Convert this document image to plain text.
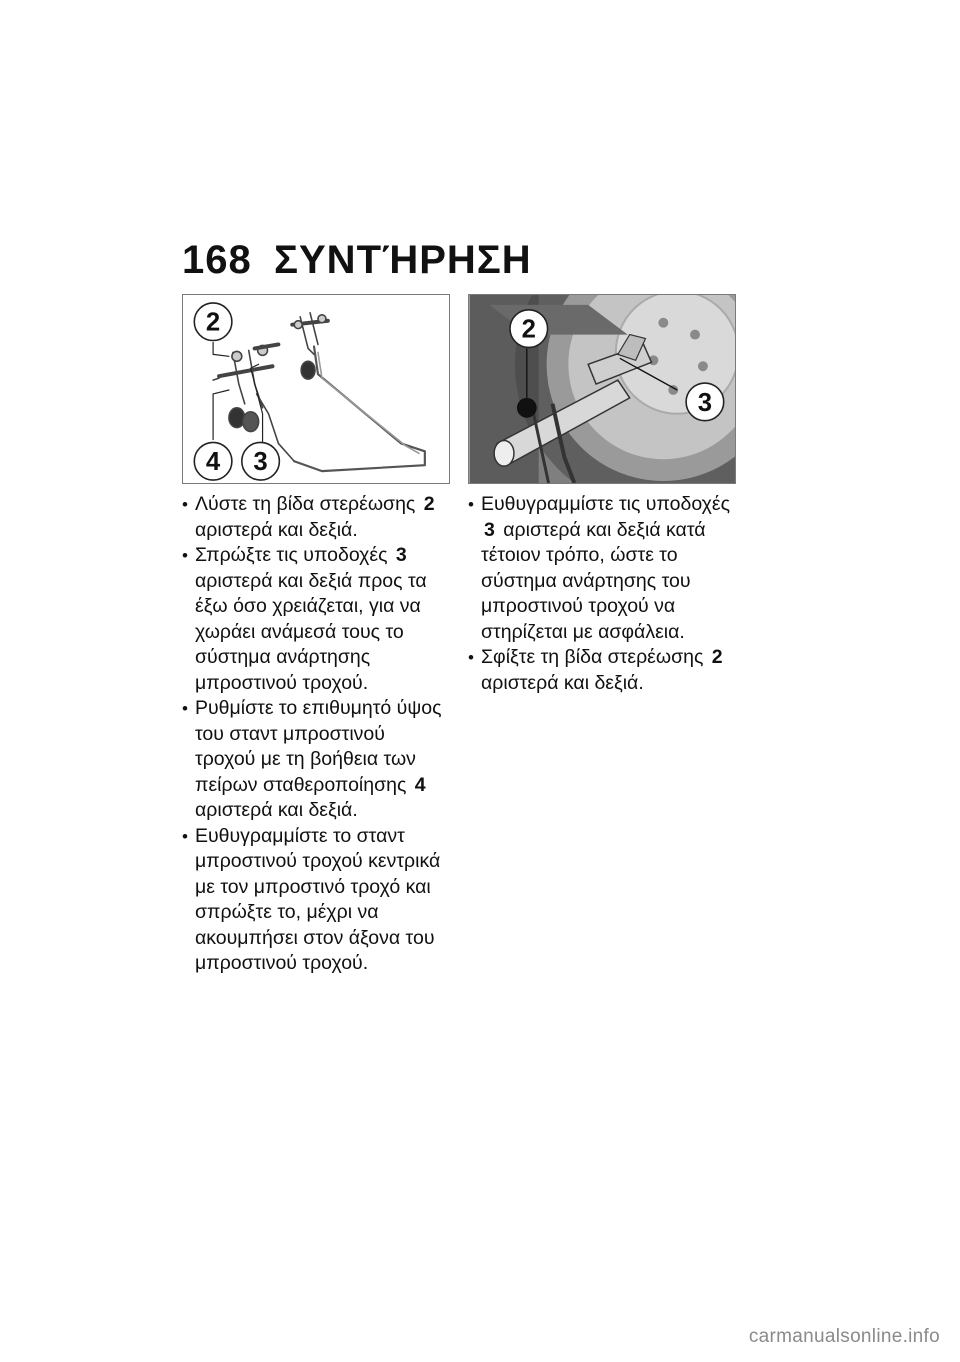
168 ΣΥΝΤΉΡΗΣΗ
2
4 3
2
3
• Λύστε τη βίδα στερέωσης 2 αριστερά και δεξιά.
• Σπρώξτε τις υποδοχές 3 αριστερά και δεξιά προς τα έξω όσο χρειάζεται, για να χωράει ανάμεσά τους το σύστημα ανάρτησης μπροστινού τροχού.
• Ρυθμίστε το επιθυμητό ύψος του σταντ μπροστινού τροχού με τη βοήθεια των πείρων σταθεροποίησης 4 αριστερά και δεξιά.
• Ευθυγραμμίστε το σταντ μπροστινού τροχού κεντρικά με τον μπροστινό τροχό και σπρώξτε το, μέχρι να ακουμπήσει στον άξονα του μπροστινού τροχού.
• Ευθυγραμμίστε τις υποδοχές 3 αριστερά και δεξιά κατά τέτοιον τρόπο, ώστε το σύστημα ανάρτησης του μπροστινού τροχού να στηρίζεται με ασφάλεια.
• Σφίξτε τη βίδα στερέωσης 2 αριστερά και δεξιά.
carmanualsonline.info
